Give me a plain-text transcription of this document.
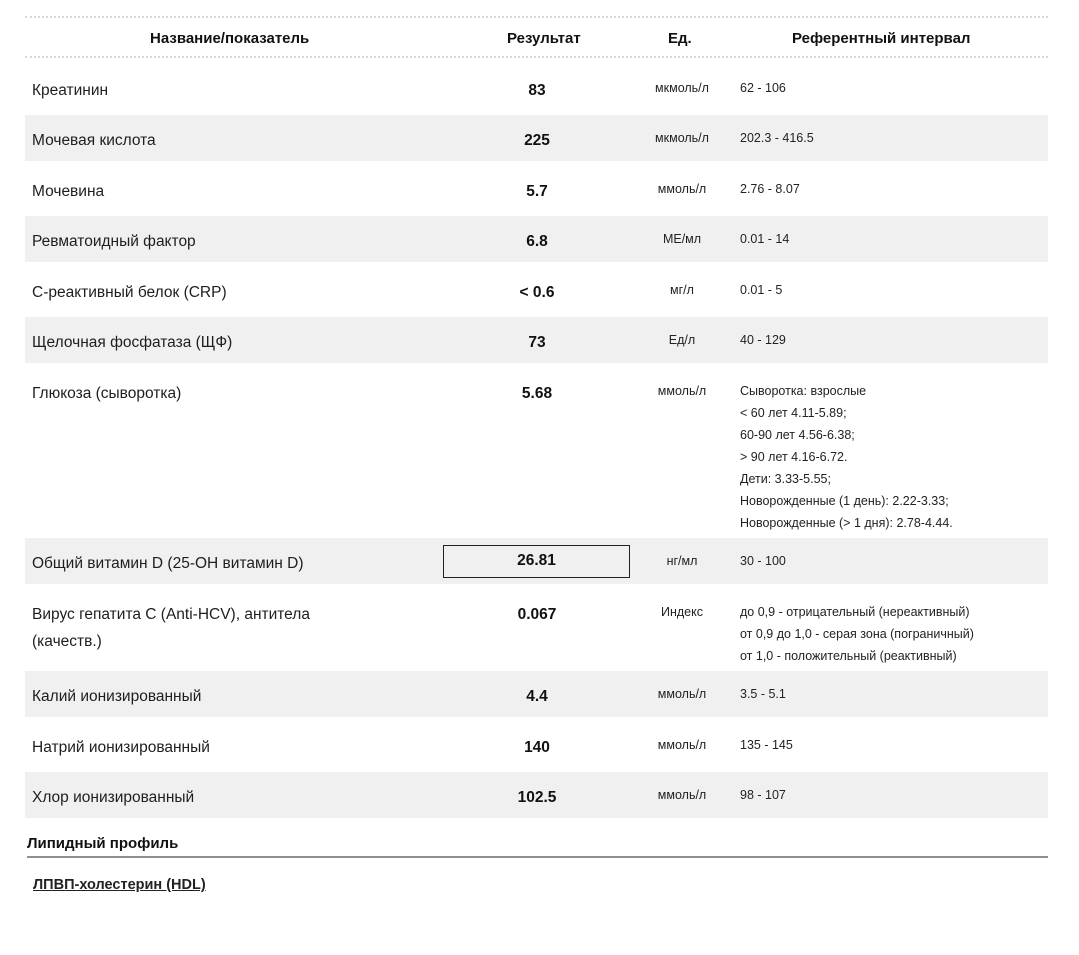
Название/показатель	Результат	Ед.	Референтный интервал
Креатинин	83	мкмоль/л	62 - 106
Мочевая кислота	225	мкмоль/л	202.3 - 416.5
Мочевина	5.7	ммоль/л	2.76 - 8.07
Ревматоидный фактор	6.8	МЕ/мл	0.01 - 14
С-реактивный белок (CRP)	< 0.6	мг/л	0.01 - 5
Щелочная фосфатаза (ЩФ)	73	Ед/л	40 - 129
Глюкоза (сыворотка)	5.68	ммоль/л	Сыворотка: взрослые
< 60 лет 4.11-5.89;
60-90 лет 4.56-6.38;
> 90 лет 4.16-6.72.
Дети: 3.33-5.55;
Новорожденные (1 день): 2.22-3.33;
Новорожденные (> 1 дня): 2.78-4.44.
Общий витамин D (25-OH витамин D)	26.81	нг/мл	30 - 100
Вирус гепатита С (Anti-HCV), антитела
(качеств.)
0.067	Индекс	до 0,9 - отрицательный (нереактивный)
от 0,9 до 1,0 - серая зона (пограничный)
от 1,0 - положительный (реактивный)
Калий ионизированный	4.4	ммоль/л	3.5 - 5.1
Натрий ионизированный	140	ммоль/л	135 - 145
Хлор ионизированный	102.5	ммоль/л	98 - 107
Липидный профиль
ЛПВП-холестерин (HDL)
